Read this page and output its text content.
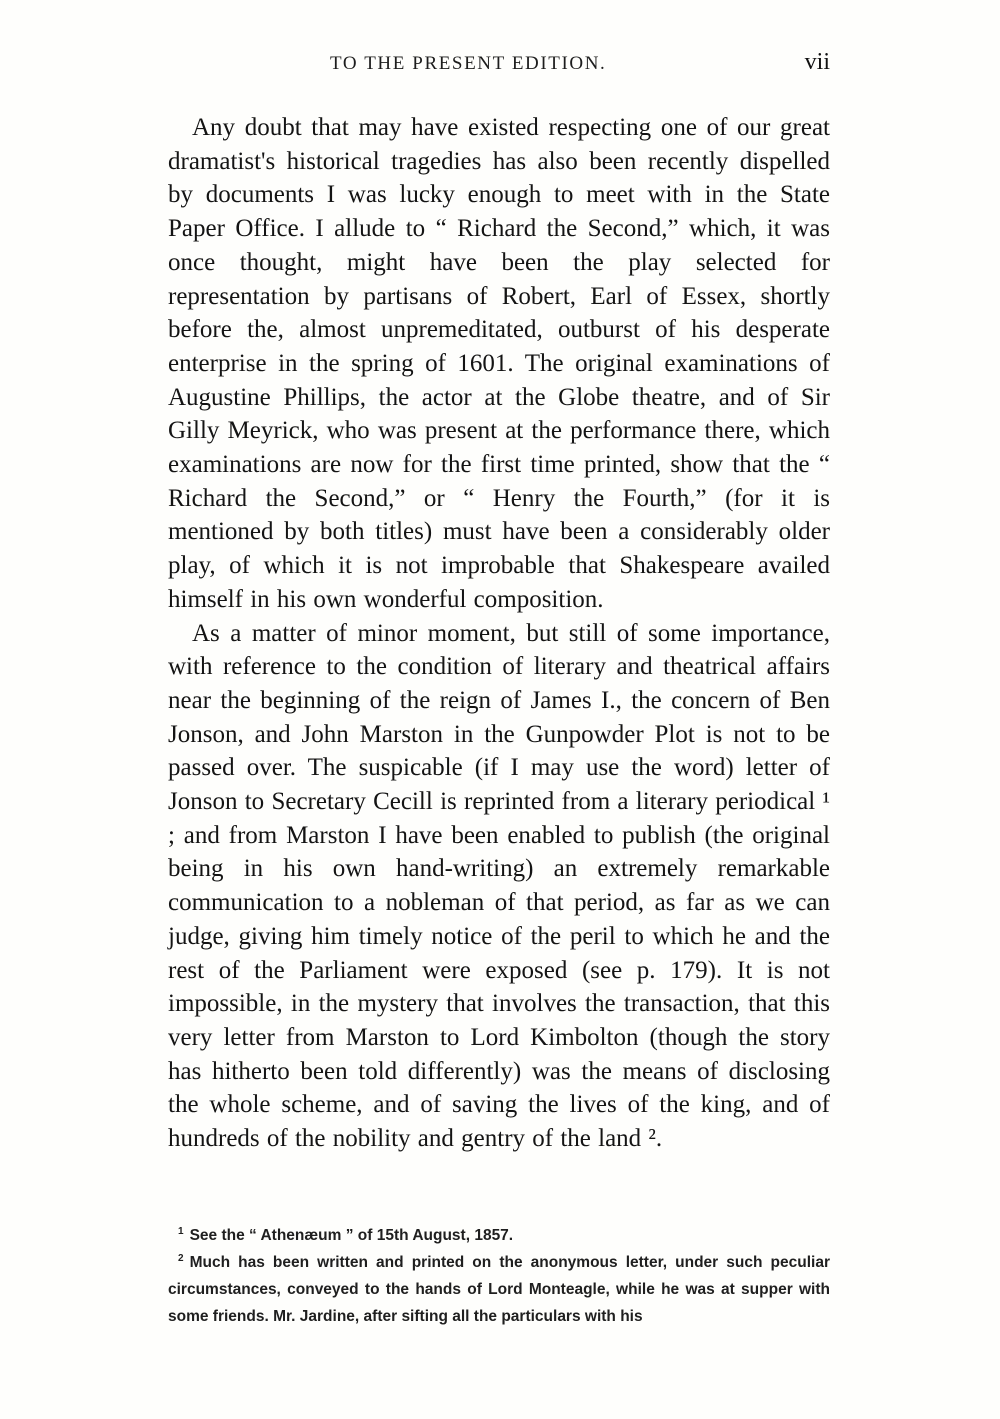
TO THE PRESENT EDITION.	vii

Any doubt that may have existed respecting one of our great dramatist's historical tragedies has also been recently dispelled by documents I was lucky enough to meet with in the State Paper Office. I allude to “ Richard the Second,” which, it was once thought, might have been the play selected for representation by partisans of Robert, Earl of Essex, shortly before the, almost unpremeditated, outburst of his desperate enterprise in the spring of 1601. The original examinations of Augustine Phillips, the actor at the Globe theatre, and of Sir Gilly Meyrick, who was present at the performance there, which examinations are now for the first time printed, show that the “ Richard the Second,” or “ Henry the Fourth,” (for it is mentioned by both titles) must have been a considerably older play, of which it is not improbable that Shakespeare availed himself in his own wonderful composition.

As a matter of minor moment, but still of some importance, with reference to the condition of literary and theatrical affairs near the beginning of the reign of James I., the concern of Ben Jonson, and John Marston in the Gunpowder Plot is not to be passed over. The suspicable (if I may use the word) letter of Jonson to Secretary Cecill is reprinted from a literary periodical ¹ ; and from Marston I have been enabled to publish (the original being in his own hand-writing) an extremely remarkable communication to a nobleman of that period, as far as we can judge, giving him timely notice of the peril to which he and the rest of the Parliament were exposed (see p. 179). It is not impossible, in the mystery that involves the transaction, that this very letter from Marston to Lord Kimbolton (though the story has hitherto been told differently) was the means of disclosing the whole scheme, and of saving the lives of the king, and of hundreds of the nobility and gentry of the land ².

$^1$ See the “ Athenæum ” of 15th August, 1857.

$^2$ Much has been written and printed on the anonymous letter, under such peculiar circumstances, conveyed to the hands of Lord Monteagle, while he was at supper with some friends. Mr. Jardine, after sifting all the particulars with his
